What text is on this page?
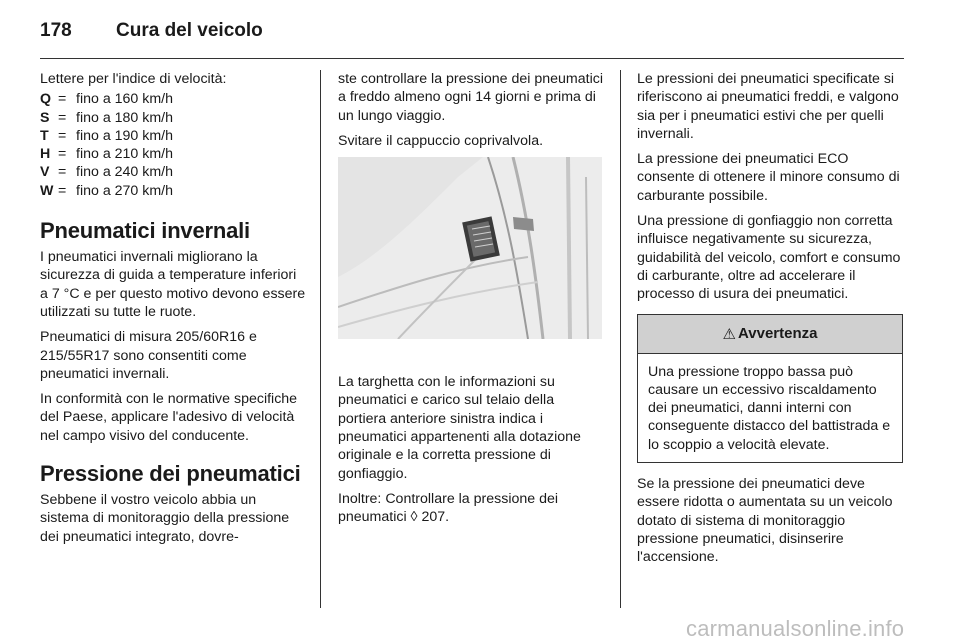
178 Cura del veicolo

Lettere per l'indice di velocità:

Q = fino a 160 km/h
S = fino a 180 km/h
T = fino a 190 km/h
H = fino a 210 km/h
V = fino a 240 km/h
W = fino a 270 km/h
Pneumatici invernali

I pneumatici invernali migliorano la sicurezza di guida a temperature inferiori a 7 °C e per questo motivo devono essere utilizzati su tutte le ruote.

Pneumatici di misura 205/60R16 e 215/55R17 sono consentiti come pneumatici invernali.

In conformità con le normative specifiche del Paese, applicare l'adesivo di velocità nel campo visivo del conducente.

Pressione dei pneumatici

Sebbene il vostro veicolo abbia un sistema di monitoraggio della pressione dei pneumatici integrato, dovre-

ste controllare la pressione dei pneumatici a freddo almeno ogni 14 giorni e prima di un lungo viaggio.

Svitare il cappuccio coprivalvola.

La targhetta con le informazioni su pneumatici e carico sul telaio della portiera anteriore sinistra indica i pneumatici appartenenti alla dotazione originale e la corretta pressione di gonfiaggio.

Inoltre: Controllare la pressione dei pneumatici ◊ 207.

Le pressioni dei pneumatici specificate si riferiscono ai pneumatici freddi, e valgono sia per i pneumatici estivi che per quelli invernali.

La pressione dei pneumatici ECO consente di ottenere il minore consumo di carburante possibile.

Una pressione di gonfiaggio non corretta influisce negativamente su sicurezza, guidabilità del veicolo, comfort e consumo di carburante, oltre ad accelerare il processo di usura dei pneumatici.

⚠ Avvertenza
Una pressione troppo bassa può causare un eccessivo riscaldamento dei pneumatici, danni interni con conseguente distacco del battistrada e lo scoppio a velocità elevate.

Se la pressione dei pneumatici deve essere ridotta o aumentata su un veicolo dotato di sistema di monitoraggio pressione pneumatici, disinserire l'accensione.

carmanualsonline.info
